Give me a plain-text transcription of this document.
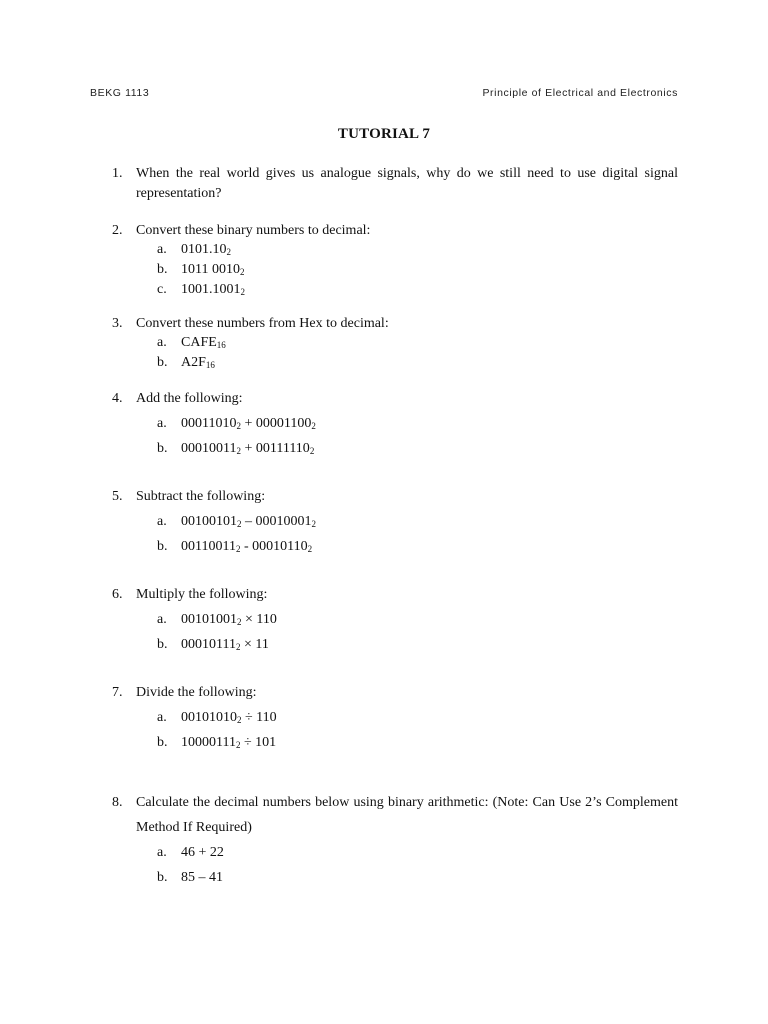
BEKG 1113	Principle of Electrical and Electronics
TUTORIAL 7
1. When the real world gives us analogue signals, why do we still need to use digital signal representation?
2. Convert these binary numbers to decimal:
a. $0101.10_2$
b. 1011 $0010_2$
c. $1001.1001_2$
3. Convert these numbers from Hex to decimal:
a. $CAFE_{16}$
b. $A2F_{16}$
4. Add the following:
a. $00011010_2 + 00001100_2$
b. $00010011_2 + 00111110_2$
5. Subtract the following:
a. $00100101_2 - 00010001_2$
b. $00110011_2 - 00010110_2$
6. Multiply the following:
a. $00101001_2 \times 110$
b. $00010111_2 \times 11$
7. Divide the following:
a. $00101010_2 \div 110$
b. $10000111_2 \div 101$
8. Calculate the decimal numbers below using binary arithmetic: (Note: Can Use 2’s Complement Method If Required)
a. 46 + 22
b. 85 – 41
